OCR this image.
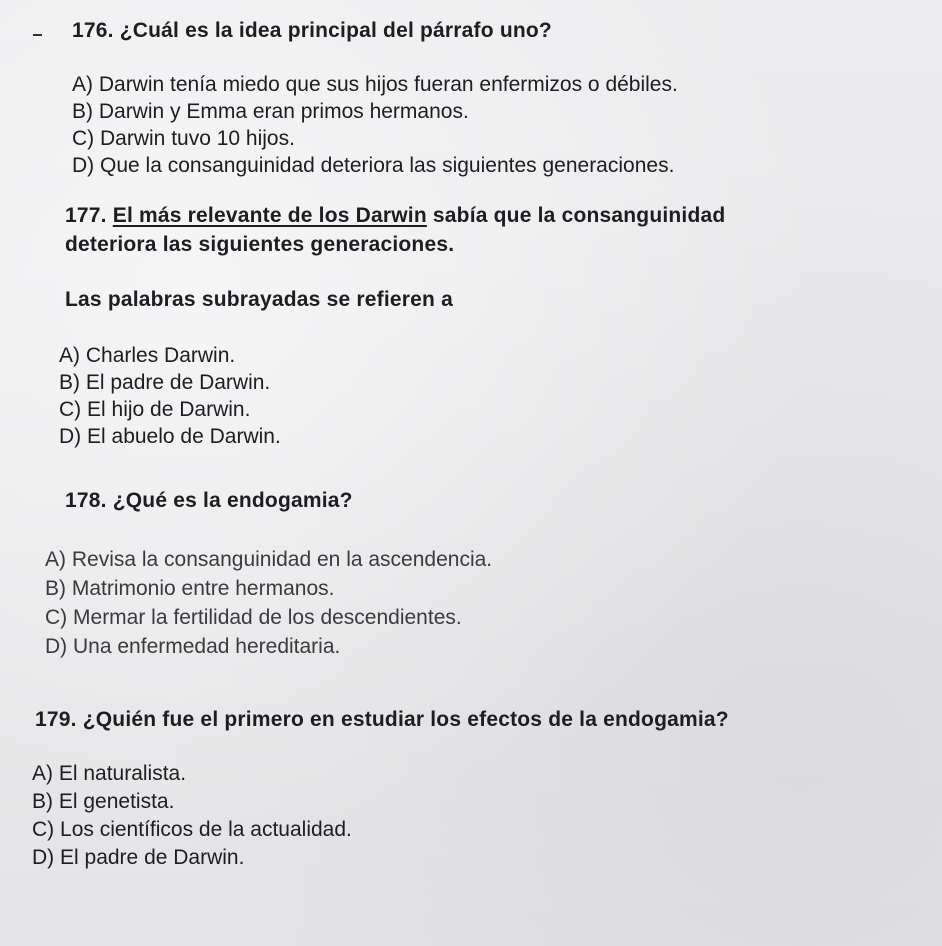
176. ¿Cuál es la idea principal del párrafo uno?

A) Darwin tenía miedo que sus hijos fueran enfermizos o débiles.
B) Darwin y Emma eran primos hermanos.
C) Darwin tuvo 10 hijos.
D) Que la consanguinidad deteriora las siguientes generaciones.

177. El más relevante de los Darwin sabía que la consanguinidad
deteriora las siguientes generaciones.

Las palabras subrayadas se refieren a

A) Charles Darwin.
B) El padre de Darwin.
C) El hijo de Darwin.
D) El abuelo de Darwin.

178. ¿Qué es la endogamia?

A) Revisa la consanguinidad en la ascendencia.
B) Matrimonio entre hermanos.
C) Mermar la fertilidad de los descendientes.
D) Una enfermedad hereditaria.

179. ¿Quién fue el primero en estudiar los efectos de la endogamia?

A) El naturalista.
B) El genetista.
C) Los científicos de la actualidad.
D) El padre de Darwin.
